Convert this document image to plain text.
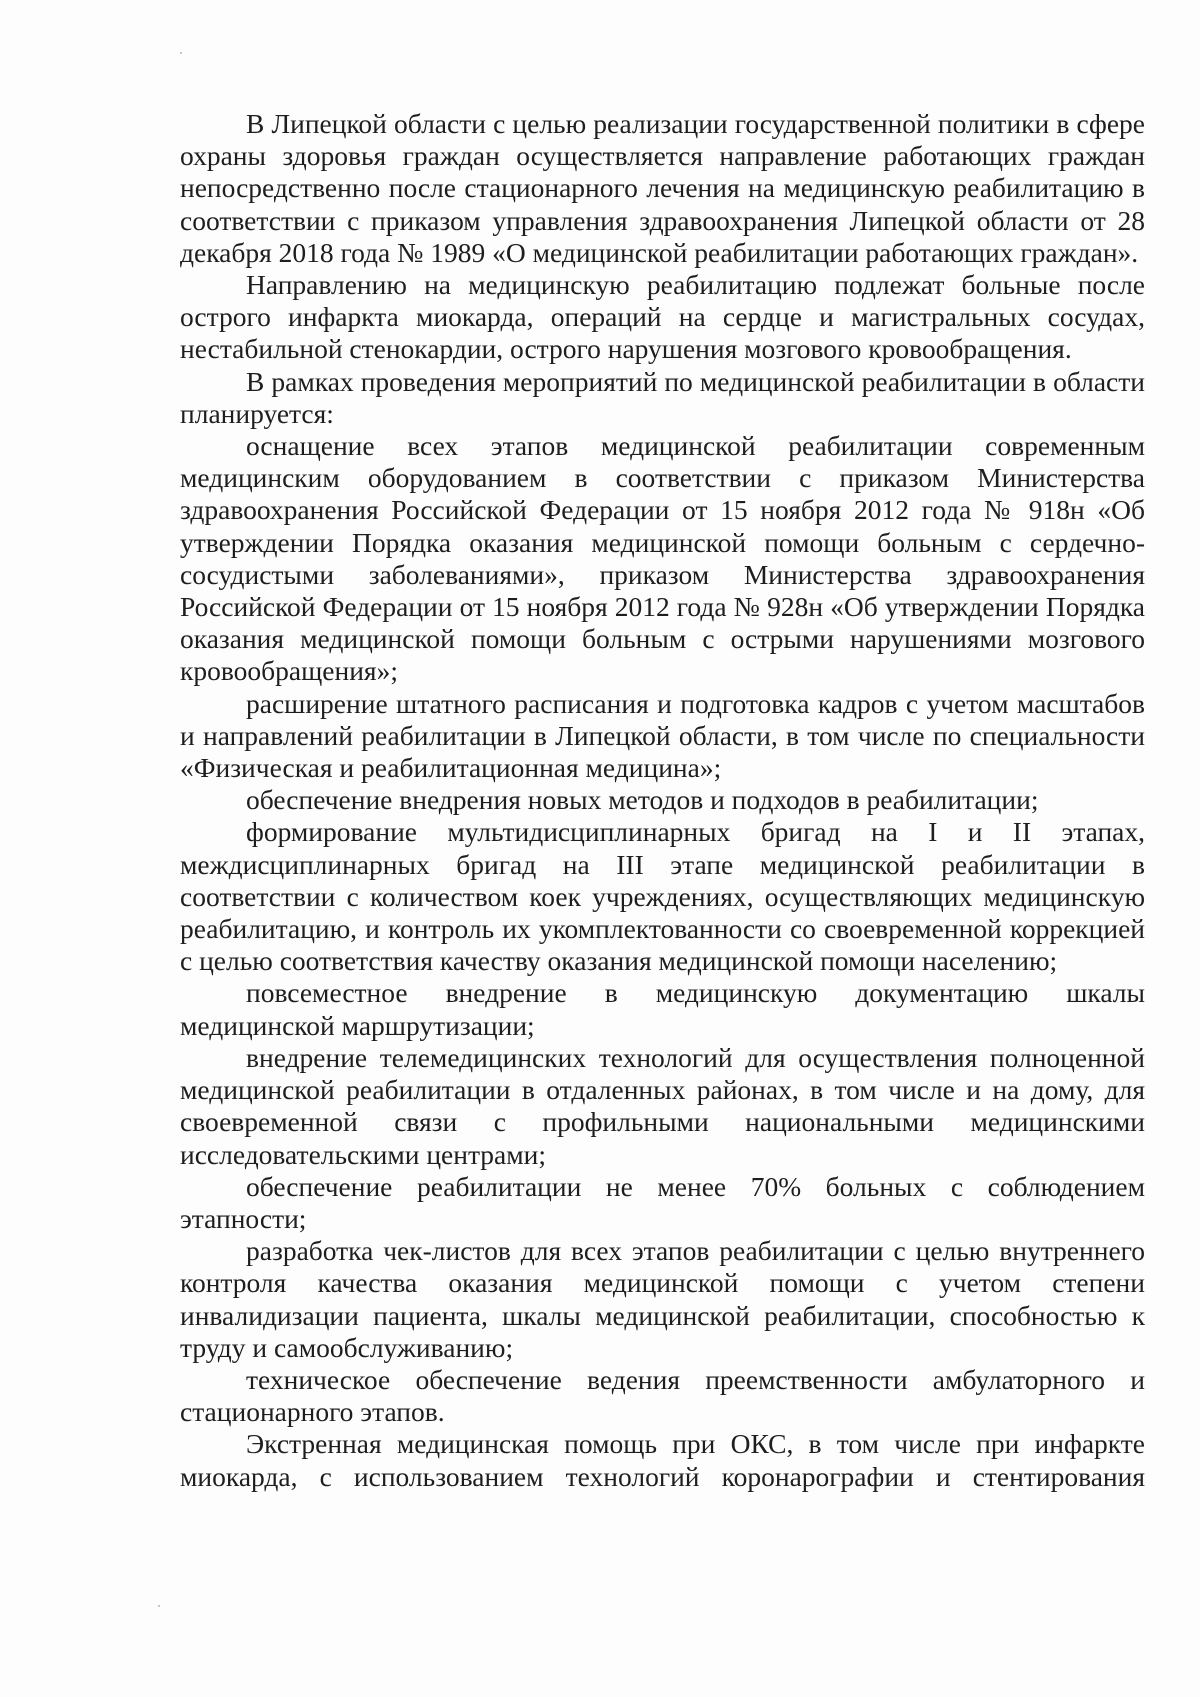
В Липецкой области с целью реализации государственной политики в сфере охраны здоровья граждан осуществляется направление работающих граждан непосредственно после стационарного лечения на медицинскую реабилитацию в соответствии с приказом управления здравоохранения Липецкой области от 28 декабря 2018 года № 1989 «О медицинской реабилитации работающих граждан».

Направлению на медицинскую реабилитацию подлежат больные после острого инфаркта миокарда, операций на сердце и магистральных сосудах, нестабильной стенокардии, острого нарушения мозгового кровообращения.

В рамках проведения мероприятий по медицинской реабилитации в области планируется:

оснащение всех этапов медицинской реабилитации современным медицинским оборудованием в соответствии с приказом Министерства здравоохранения Российской Федерации от 15 ноября 2012 года № 918н «Об утверждении Порядка оказания медицинской помощи больным с сердечно-сосудистыми заболеваниями», приказом Министерства здравоохранения Российской Федерации от 15 ноября 2012 года № 928н «Об утверждении Порядка оказания медицинской помощи больным с острыми нарушениями мозгового кровообращения»;

расширение штатного расписания и подготовка кадров с учетом масштабов и направлений реабилитации в Липецкой области, в том числе по специальности «Физическая и реабилитационная медицина»;

обеспечение внедрения новых методов и подходов в реабилитации;

формирование мультидисциплинарных бригад на I и II этапах, междисциплинарных бригад на III этапе медицинской реабилитации в соответствии с количеством коек учреждениях, осуществляющих медицинскую реабилитацию, и контроль их укомплектованности со своевременной коррекцией с целью соответствия качеству оказания медицинской помощи населению;

повсеместное внедрение в медицинскую документацию шкалы медицинской маршрутизации;

внедрение телемедицинских технологий для осуществления полноценной медицинской реабилитации в отдаленных районах, в том числе и на дому, для своевременной связи с профильными национальными медицинскими исследовательскими центрами;

обеспечение реабилитации не менее 70% больных с соблюдением этапности;

разработка чек-листов для всех этапов реабилитации с целью внутреннего контроля качества оказания медицинской помощи с учетом степени инвалидизации пациента, шкалы медицинской реабилитации, способностью к труду и самообслуживанию;

техническое обеспечение ведения преемственности амбулаторного и стационарного этапов.

Экстренная медицинская помощь при ОКС, в том числе при инфаркте миокарда, с использованием технологий коронарографии и стентирования
